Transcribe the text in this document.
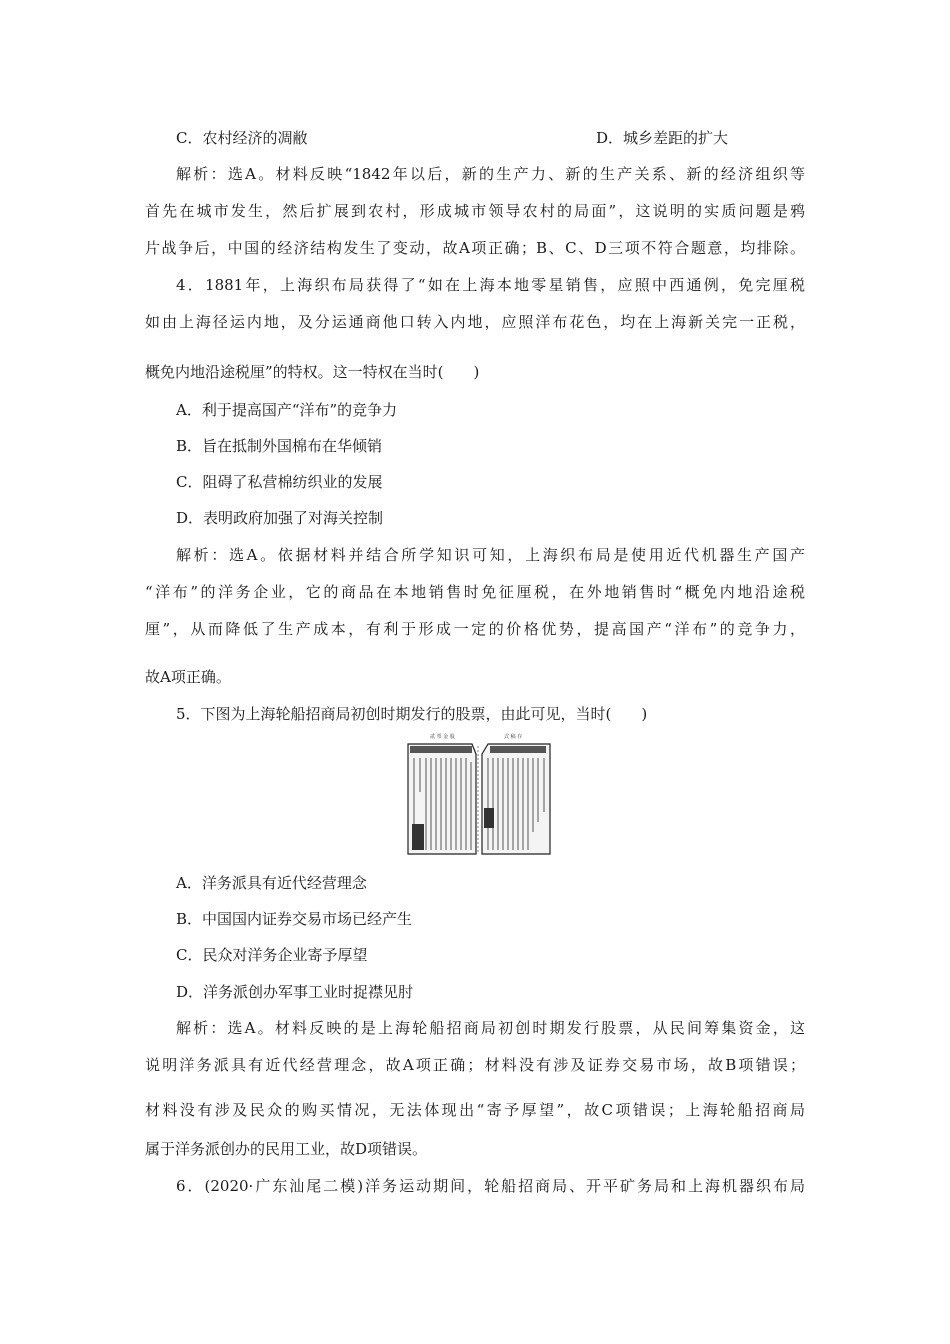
C．农村经济的凋敝	D．城乡差距的扩大
解析：选A。材料反映“1842年以后，新的生产力、新的生产关系、新的经济组织等
首先在城市发生，然后扩展到农村，形成城市领导农村的局面”，这说明的实质问题是鸦
片战争后，中国的经济结构发生了变动，故A项正确；B、C、D三项不符合题意，均排除。
4．1881年，上海织布局获得了“如在上海本地零星销售，应照中西通例，免完厘税
如由上海径运内地，及分运通商他口转入内地，应照洋布花色，均在上海新关完一正税，
概免内地沿途税厘”的特权。这一特权在当时(　　)
A．利于提高国产“洋布”的竞争力
B．旨在抵制外国棉布在华倾销
C．阻碍了私营棉纺织业的发展
D．表明政府加强了对海关控制
解析：选A。依据材料并结合所学知识可知，上海织布局是使用近代机器生产国产
“洋布”的洋务企业，它的商品在本地销售时免征厘税，在外地销售时“概免内地沿途税
厘”，从而降低了生产成本，有利于形成一定的价格优势，提高国产“洋布”的竞争力，
故A项正确。
5．下图为上海轮船招商局初创时期发行的股票，由此可见，当时(　　)
贰 票 金 股	式 稿 存
A．洋务派具有近代经营理念
B．中国国内证券交易市场已经产生
C．民众对洋务企业寄予厚望
D．洋务派创办军事工业时捉襟见肘
解析：选A。材料反映的是上海轮船招商局初创时期发行股票，从民间筹集资金，这
说明洋务派具有近代经营理念，故A项正确；材料没有涉及证券交易市场，故B项错误；
材料没有涉及民众的购买情况，无法体现出“寄予厚望”，故C项错误；上海轮船招商局
属于洋务派创办的民用工业，故D项错误。
6．(2020·广东汕尾二模)洋务运动期间，轮船招商局、开平矿务局和上海机器织布局
